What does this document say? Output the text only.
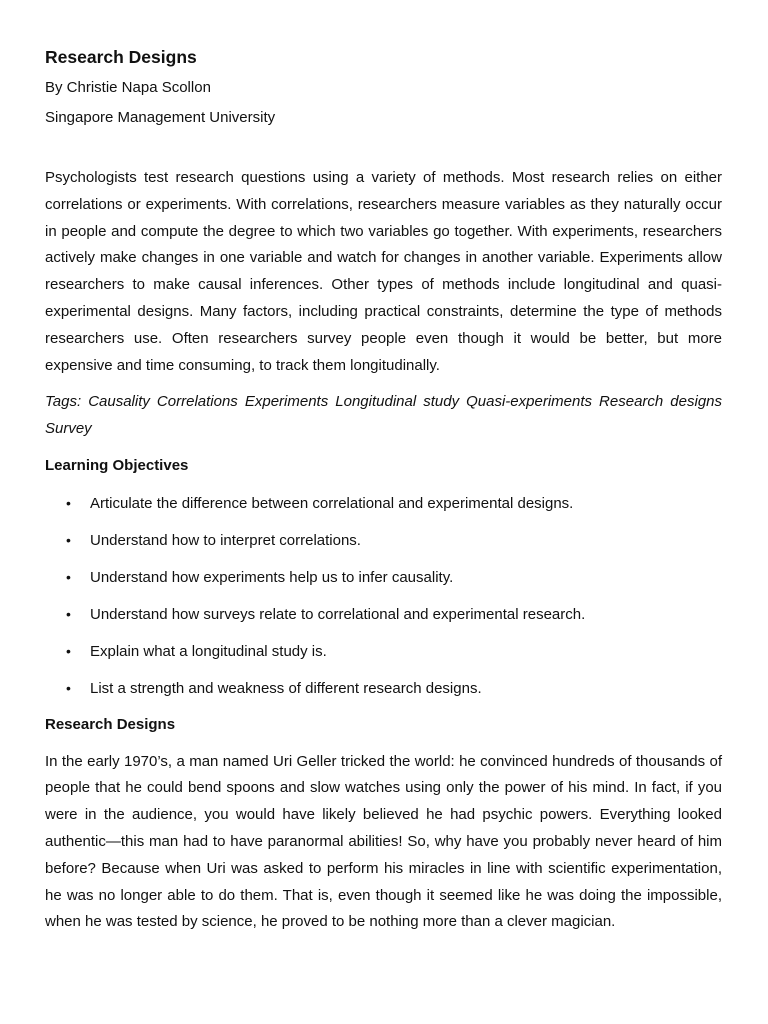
Research Designs

By Christie Napa Scollon

Singapore Management University

Psychologists test research questions using a variety of methods. Most research relies on either correlations or experiments. With correlations, researchers measure variables as they naturally occur in people and compute the degree to which two variables go together. With experiments, researchers actively make changes in one variable and watch for changes in another variable. Experiments allow researchers to make causal inferences. Other types of methods include longitudinal and quasi-experimental designs. Many factors, including practical constraints, determine the type of methods researchers use. Often researchers survey people even though it would be better, but more expensive and time consuming, to track them longitudinally.

Tags: Causality Correlations Experiments Longitudinal study Quasi-experiments Research designs Survey

Learning Objectives

• Articulate the difference between correlational and experimental designs.
• Understand how to interpret correlations.
• Understand how experiments help us to infer causality.
• Understand how surveys relate to correlational and experimental research.
• Explain what a longitudinal study is.
• List a strength and weakness of different research designs.

Research Designs

In the early 1970’s, a man named Uri Geller tricked the world: he convinced hundreds of thousands of people that he could bend spoons and slow watches using only the power of his mind. In fact, if you were in the audience, you would have likely believed he had psychic powers. Everything looked authentic—this man had to have paranormal abilities! So, why have you probably never heard of him before? Because when Uri was asked to perform his miracles in line with scientific experimentation, he was no longer able to do them. That is, even though it seemed like he was doing the impossible, when he was tested by science, he proved to be nothing more than a clever magician.
